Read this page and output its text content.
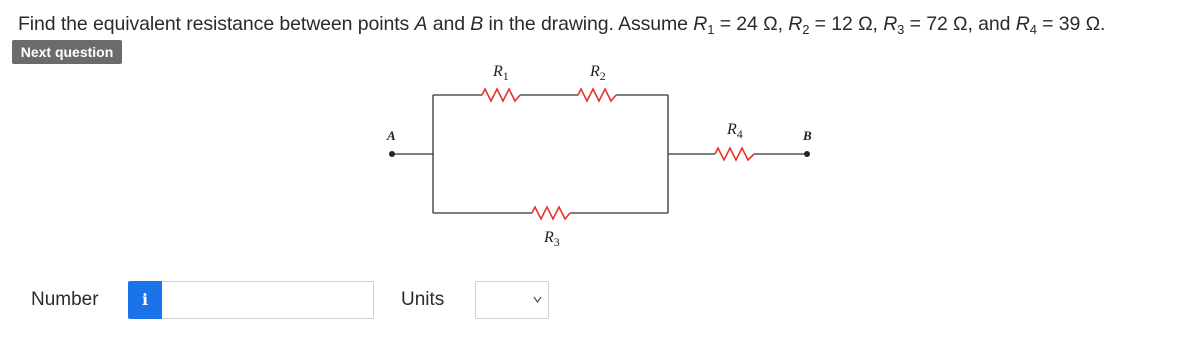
Find the equivalent resistance between points A and B in the drawing. Assume $R_1 = 24$ Ω, $R_2 = 12$ Ω, $R_3 = 72$ Ω, and $R_4 = 39$ Ω.
Next question
A	B
$R_1$	$R_2$
$R_3$
$R_4$
Number	i	Units
